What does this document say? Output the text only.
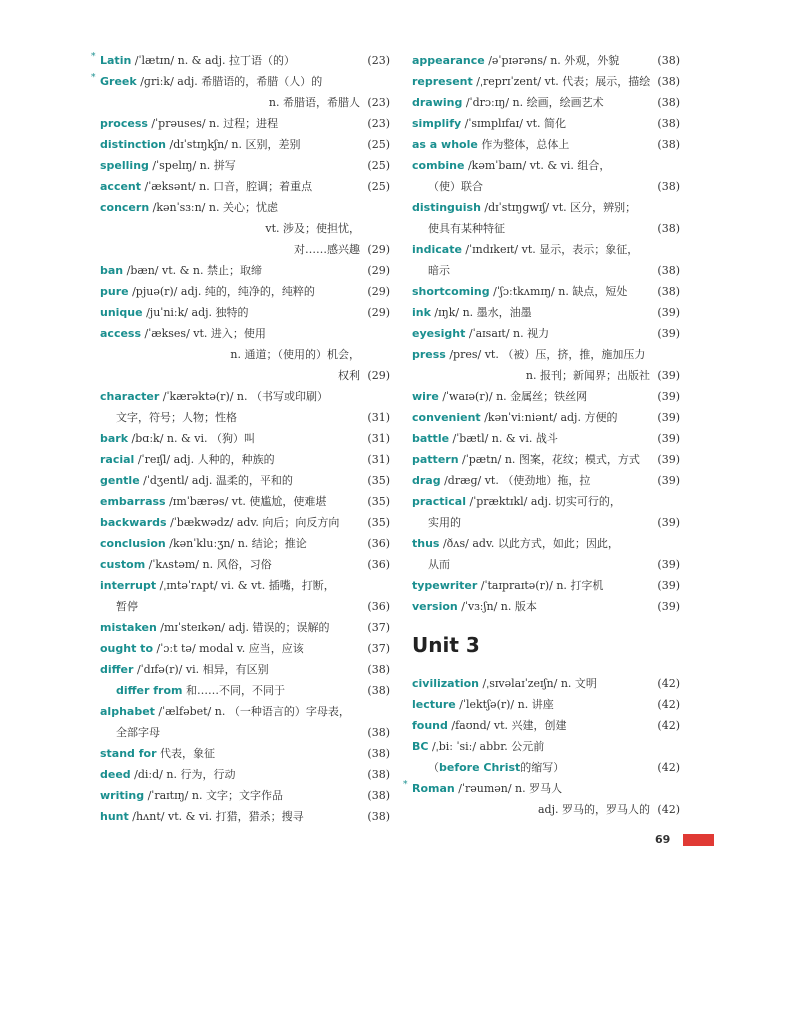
* Latin /ˈlætɪn/ n. & adj. 拉丁语（的）	(23)
* Greek /ɡriːk/ adj. 希腊语的，希腊（人）的
n. 希腊语，希腊人 (23)
process /ˈprəuses/ n. 过程；进程	(23)
distinction /dɪˈstɪŋkʃn/ n. 区别，差别	(25)
spelling /ˈspelɪŋ/ n. 拼写	(25)
accent /ˈæksənt/ n. 口音，腔调；着重点	(25)
concern /kənˈsɜːn/ n. 关心；忧虑
vt. 涉及；使担忧，
对……感兴趣 (29)
ban /bæn/ vt. & n. 禁止；取缔	(29)
pure /pjuə(r)/ adj. 纯的，纯净的，纯粹的	(29)
unique /juˈniːk/ adj. 独特的	(29)
access /ˈækses/ vt. 进入；使用
n. 通道；（使用的）机会，
权利 (29)
character /ˈkærəktə(r)/ n. （书写或印刷）
文字，符号；人物；性格	(31)
bark /bɑːk/ n. & vi. （狗）叫	(31)
racial /ˈreɪʃl/ adj. 人种的，种族的	(31)
gentle /ˈdʒentl/ adj. 温柔的，平和的	(35)
embarrass /ɪmˈbærəs/ vt. 使尴尬，使难堪	(35)
backwards /ˈbækwədz/ adv. 向后；向反方向	(35)
conclusion /kənˈkluːʒn/ n. 结论；推论	(36)
custom /ˈkʌstəm/ n. 风俗，习俗	(36)
interrupt /ˌɪntəˈrʌpt/ vi. & vt. 插嘴，打断，
暂停	(36)
mistaken /mɪˈsteɪkən/ adj. 错误的；误解的	(37)
ought to /ˈɔːt tə/ modal v. 应当，应该	(37)
differ /ˈdɪfə(r)/ vi. 相异，有区别	(38)
differ from 和……不同，不同于	(38)
alphabet /ˈælfəbet/ n. （一种语言的）字母表，
全部字母	(38)
stand for 代表，象征	(38)
deed /diːd/ n. 行为，行动	(38)
writing /ˈraɪtɪŋ/ n. 文字；文字作品	(38)
hunt /hʌnt/ vt. & vi. 打猎，猎杀；搜寻	(38)
appearance /əˈpɪərəns/ n. 外观，外貌	(38)
represent /ˌreprɪˈzent/ vt. 代表；展示，描绘 (38)
drawing /ˈdrɔːɪŋ/ n. 绘画，绘画艺术	(38)
simplify /ˈsɪmplɪfaɪ/ vt. 简化	(38)
as a whole 作为整体，总体上	(38)
combine /kəmˈbaɪn/ vt. & vi. 组合，
（使）联合	(38)
distinguish /dɪˈstɪŋɡwɪʃ/ vt. 区分，辨别；
使具有某种特征	(38)
indicate /ˈɪndɪkeɪt/ vt. 显示，表示；象征，
暗示	(38)
shortcoming /ˈʃɔːtkʌmɪŋ/ n. 缺点，短处	(38)
ink /ɪŋk/ n. 墨水，油墨	(39)
eyesight /ˈaɪsaɪt/ n. 视力	(39)
press /pres/ vt. （被）压，挤，推，施加压力
n. 报刊；新闻界；出版社 (39)
wire /ˈwaɪə(r)/ n. 金属丝；铁丝网	(39)
convenient /kənˈviːniənt/ adj. 方便的	(39)
battle /ˈbætl/ n. & vi. 战斗	(39)
pattern /ˈpætn/ n. 图案，花纹；模式，方式 (39)
drag /dræɡ/ vt. （使劲地）拖，拉	(39)
practical /ˈpræktɪkl/ adj. 切实可行的，
实用的	(39)
thus /ðʌs/ adv. 以此方式，如此；因此，
从而	(39)
typewriter /ˈtaɪpraɪtə(r)/ n. 打字机	(39)
version /ˈvɜːʃn/ n. 版本	(39)
Unit 3
civilization /ˌsɪvəlaɪˈzeɪʃn/ n. 文明	(42)
lecture /ˈlektʃə(r)/ n. 讲座	(42)
found /faʊnd/ vt. 兴建，创建	(42)
BC /ˌbiː ˈsiː/ abbr. 公元前
（before Christ的缩写）	(42)
* Roman /ˈrəumən/ n. 罗马人
adj. 罗马的，罗马人的 (42)
69
